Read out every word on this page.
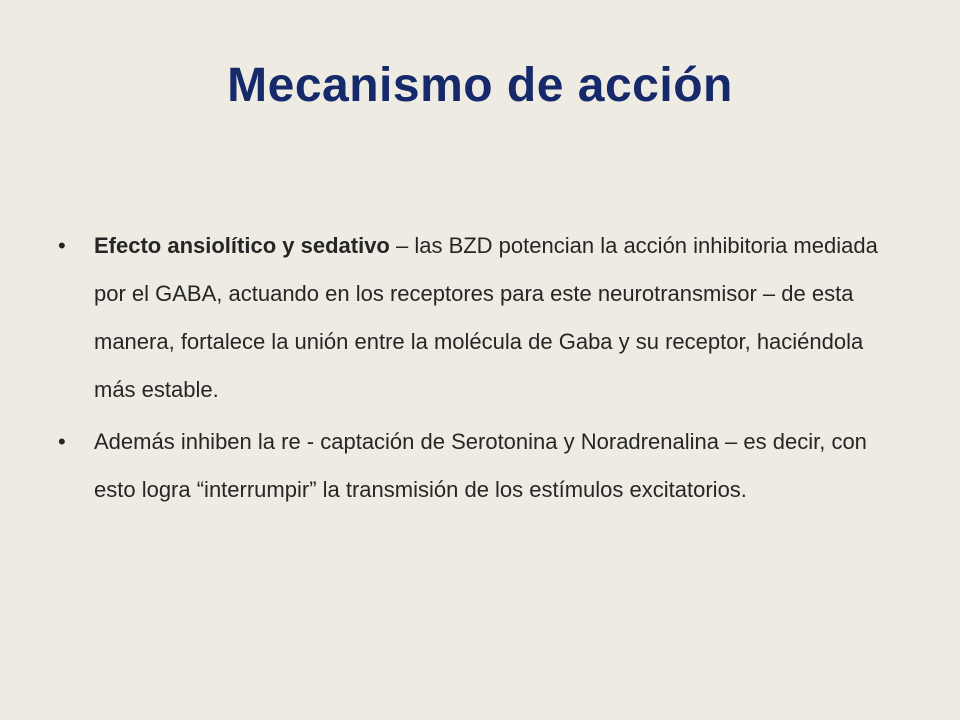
Mecanismo de acción
•	Efecto ansiolítico y sedativo – las BZD potencian la acción inhibitoria mediada por el GABA, actuando en los receptores para este neurotransmisor – de esta manera, fortalece la unión entre la molécula de Gaba y su receptor, haciéndola más estable.
•	Además inhiben la re - captación de Serotonina y Noradrenalina – es decir, con esto logra “interrumpir” la transmisión de los estímulos excitatorios.
